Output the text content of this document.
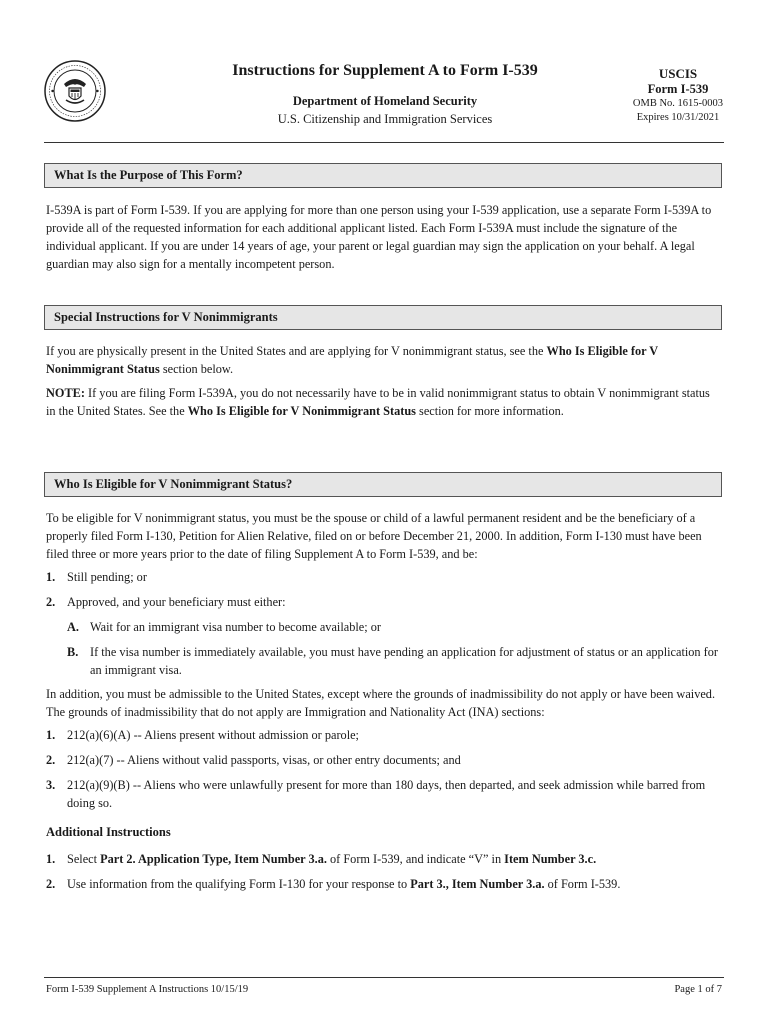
Instructions for Supplement A to Form I-539
Department of Homeland Security
U.S. Citizenship and Immigration Services
USCIS
Form I-539
OMB No. 1615-0003
Expires 10/31/2021
What Is the Purpose of This Form?
I-539A is part of Form I-539. If you are applying for more than one person using your I-539 application, use a separate Form I-539A to provide all of the requested information for each additional applicant listed. Each Form I-539A must include the signature of the individual applicant. If you are under 14 years of age, your parent or legal guardian may sign the application on your behalf. A legal guardian may also sign for a mentally incompetent person.
Special Instructions for V Nonimmigrants
If you are physically present in the United States and are applying for V nonimmigrant status, see the Who Is Eligible for V Nonimmigrant Status section below.
NOTE: If you are filing Form I-539A, you do not necessarily have to be in valid nonimmigrant status to obtain V nonimmigrant status in the United States. See the Who Is Eligible for V Nonimmigrant Status section for more information.
Who Is Eligible for V Nonimmigrant Status?
To be eligible for V nonimmigrant status, you must be the spouse or child of a lawful permanent resident and be the beneficiary of a properly filed Form I-130, Petition for Alien Relative, filed on or before December 21, 2000. In addition, Form I-130 must have been filed three or more years prior to the date of filing Supplement A to Form I-539, and be:
1. Still pending; or
2. Approved, and your beneficiary must either:
A. Wait for an immigrant visa number to become available; or
B. If the visa number is immediately available, you must have pending an application for adjustment of status or an application for an immigrant visa.
In addition, you must be admissible to the United States, except where the grounds of inadmissibility do not apply or have been waived. The grounds of inadmissibility that do not apply are Immigration and Nationality Act (INA) sections:
1. 212(a)(6)(A) -- Aliens present without admission or parole;
2. 212(a)(7) -- Aliens without valid passports, visas, or other entry documents; and
3. 212(a)(9)(B) -- Aliens who were unlawfully present for more than 180 days, then departed, and seek admission while barred from doing so.
Additional Instructions
1. Select Part 2. Application Type, Item Number 3.a. of Form I-539, and indicate “V” in Item Number 3.c.
2. Use information from the qualifying Form I-130 for your response to Part 3., Item Number 3.a. of Form I-539.
Form I-539 Supplement A Instructions 10/15/19	Page 1 of 7
